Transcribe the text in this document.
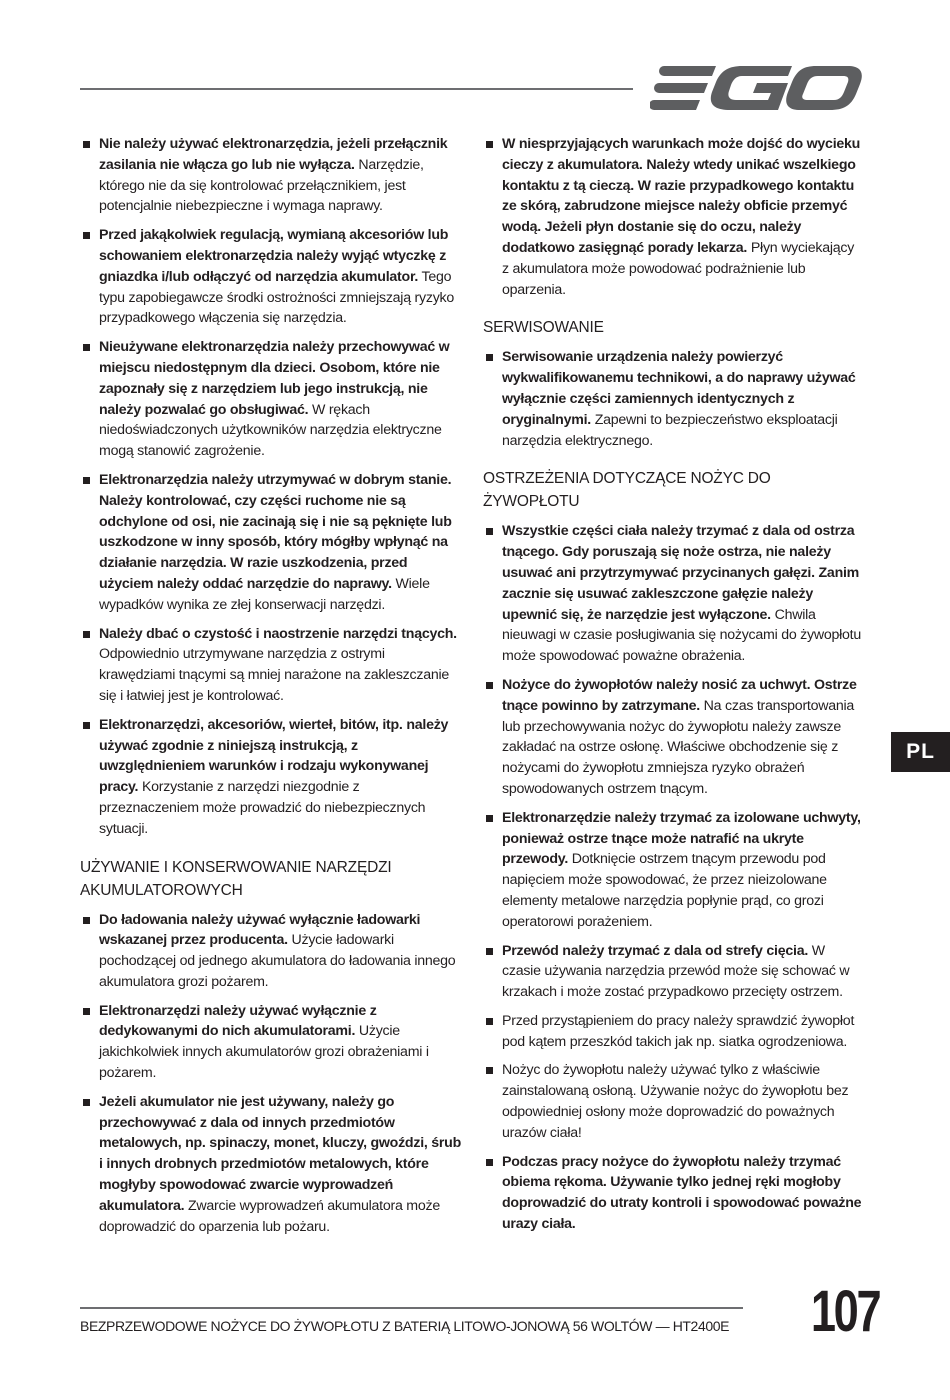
Nie należy używać elektronarzędzia, jeżeli przełącznik zasilania nie włącza go lub nie wyłącza. Narzędzie, którego nie da się kontrolować przełącznikiem, jest potencjalnie niebezpieczne i wymaga naprawy.
Przed jakąkolwiek regulacją, wymianą akcesoriów lub schowaniem elektronarzędzia należy wyjąć wtyczkę z gniazdka i/lub odłączyć od narzędzia akumulator. Tego typu zapobiegawcze środki ostrożności zmniejszają ryzyko przypadkowego włączenia się narzędzia.
Nieużywane elektronarzędzia należy przechowywać w miejscu niedostępnym dla dzieci. Osobom, które nie zapoznały się z narzędziem lub jego instrukcją, nie należy pozwalać go obsługiwać. W rękach niedoświadczonych użytkowników narzędzia elektryczne mogą stanowić zagrożenie.
Elektronarzędzia należy utrzymywać w dobrym stanie. Należy kontrolować, czy części ruchome nie są odchylone od osi, nie zacinają się i nie są pęknięte lub uszkodzone w inny sposób, który mógłby wpłynąć na działanie narzędzia. W razie uszkodzenia, przed użyciem należy oddać narzędzie do naprawy. Wiele wypadków wynika ze złej konserwacji narzędzi.
Należy dbać o czystość i naostrzenie narzędzi tnących. Odpowiednio utrzymywane narzędzia z ostrymi krawędziami tnącymi są mniej narażone na zakleszczanie się i łatwiej jest je kontrolować.
Elektronarzędzi, akcesoriów, wierteł, bitów, itp. należy używać zgodnie z niniejszą instrukcją, z uwzględnieniem warunków i rodzaju wykonywanej pracy. Korzystanie z narzędzi niezgodnie z przeznaczeniem może prowadzić do niebezpiecznych sytuacji.
UŻYWANIE I KONSERWOWANIE NARZĘDZI AKUMULATOROWYCH
Do ładowania należy używać wyłącznie ładowarki wskazanej przez producenta. Użycie ładowarki pochodzącej od jednego akumulatora do ładowania innego akumulatora grozi pożarem.
Elektronarzędzi należy używać wyłącznie z dedykowanymi do nich akumulatorami. Użycie jakichkolwiek innych akumulatorów grozi obrażeniami i pożarem.
Jeżeli akumulator nie jest używany, należy go przechowywać z dala od innych przedmiotów metalowych, np. spinaczy, monet, kluczy, gwoździ, śrub i innych drobnych przedmiotów metalowych, które mogłyby spowodować zwarcie wyprowadzeń akumulatora. Zwarcie wyprowadzeń akumulatora może doprowadzić do oparzenia lub pożaru.
W niesprzyjających warunkach może dojść do wycieku cieczy z akumulatora. Należy wtedy unikać wszelkiego kontaktu z tą cieczą. W razie przypadkowego kontaktu ze skórą, zabrudzone miejsce należy obficie przemyć wodą. Jeżeli płyn dostanie się do oczu, należy dodatkowo zasięgnąć porady lekarza. Płyn wyciekający z akumulatora może powodować podrażnienie lub oparzenia.
SERWISOWANIE
Serwisowanie urządzenia należy powierzyć wykwalifikowanemu technikowi, a do naprawy używać wyłącznie części zamiennych identycznych z oryginalnymi. Zapewni to bezpieczeństwo eksploatacji narzędzia elektrycznego.
OSTRZEŻENIA DOTYCZĄCE NOŻYC DO ŻYWOPŁOTU
Wszystkie części ciała należy trzymać z dala od ostrza tnącego. Gdy poruszają się noże ostrza, nie należy usuwać ani przytrzymywać przycinanych gałęzi. Zanim zacznie się usuwać zakleszczone gałęzie należy upewnić się, że narzędzie jest wyłączone. Chwila nieuwagi w czasie posługiwania się nożycami do żywopłotu może spowodować poważne obrażenia.
Nożyce do żywopłotów należy nosić za uchwyt. Ostrze tnące powinno by zatrzymane. Na czas transportowania lub przechowywania nożyc do żywopłotu należy zawsze zakładać na ostrze osłonę. Właściwe obchodzenie się z nożycami do żywopłotu zmniejsza ryzyko obrażeń spowodowanych ostrzem tnącym.
Elektronarzędzie należy trzymać za izolowane uchwyty, ponieważ ostrze tnące może natrafić na ukryte przewody. Dotknięcie ostrzem tnącym przewodu pod napięciem może spowodować, że przez nieizolowane elementy metalowe narzędzia popłynie prąd, co grozi operatorowi porażeniem.
Przewód należy trzymać z dala od strefy cięcia. W czasie używania narzędzia przewód może się schować w krzakach i może zostać przypadkowo przecięty ostrzem.
Przed przystąpieniem do pracy należy sprawdzić żywopłot pod kątem przeszkód takich jak np. siatka ogrodzeniowa.
Nożyc do żywopłotu należy używać tylko z właściwie zainstalowaną osłoną. Używanie nożyc do żywopłotu bez odpowiedniej osłony może doprowadzić do poważnych urazów ciała!
Podczas pracy nożyce do żywopłotu należy trzymać obiema rękoma. Używanie tylko jednej ręki mogłoby doprowadzić do utraty kontroli i spowodować poważne urazy ciała.
PL
BEZPRZEWODOWE NOŻYCE DO ŻYWOPŁOTU Z BATERIĄ LITOWO-JONOWĄ 56 WOLTÓW — HT2400E	107
